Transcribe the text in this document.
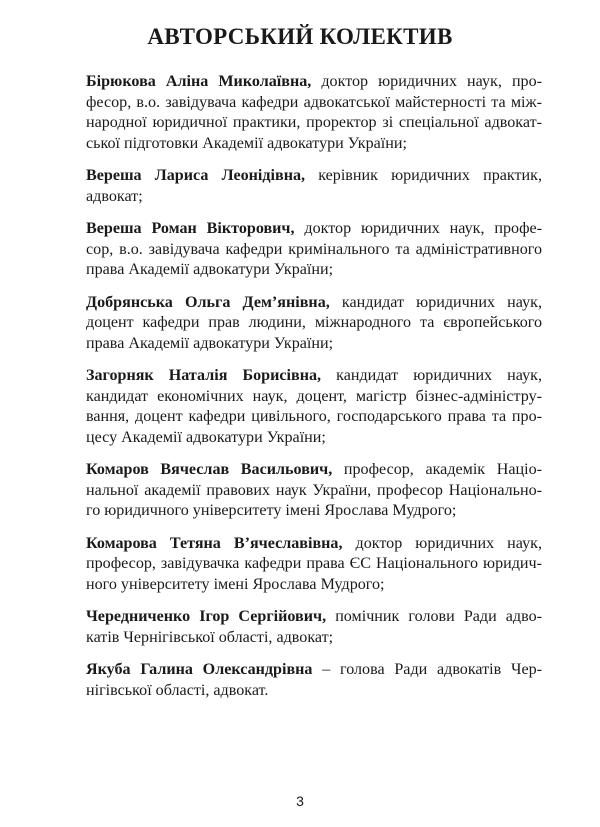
АВТОРСЬКИЙ КОЛЕКТИВ

Бірюкова Аліна Миколаївна, доктор юридичних наук, про-
фесор, в.о. завідувача кафедри адвокатської майстерності та між-
народної юридичної практики, проректор зі спеціальної адвокат-
ської підготовки Академії адвокатури України;

Вереша Лариса Леонідівна, керівник юридичних практик,
адвокат;

Вереша Роман Вікторович, доктор юридичних наук, профе-
сор, в.о. завідувача кафедри кримінального та адміністративного
права Академії адвокатури України;

Добрянська Ольга Дем’янівна, кандидат юридичних наук,
доцент кафедри прав людини, міжнародного та європейського
права Академії адвокатури України;

Загорняк Наталія Борисівна, кандидат юридичних наук,
кандидат економічних наук, доцент, магістр бізнес-адміністру-
вання, доцент кафедри цивільного, господарського права та про-
цесу Академії адвокатури України;

Комаров Вячеслав Васильович, професор, академік Націо-
нальної академії правових наук України, професор Національно-
го юридичного університету імені Ярослава Мудрого;

Комарова Тетяна В’ячеславівна, доктор юридичних наук,
професор, завідувачка кафедри права ЄС Національного юридич-
ного університету імені Ярослава Мудрого;

Чередниченко Ігор Сергійович, помічник голови Ради адво-
катів Чернігівської області, адвокат;

Якуба Галина Олександрівна – голова Ради адвокатів Чер-
нігівської області, адвокат.

3
